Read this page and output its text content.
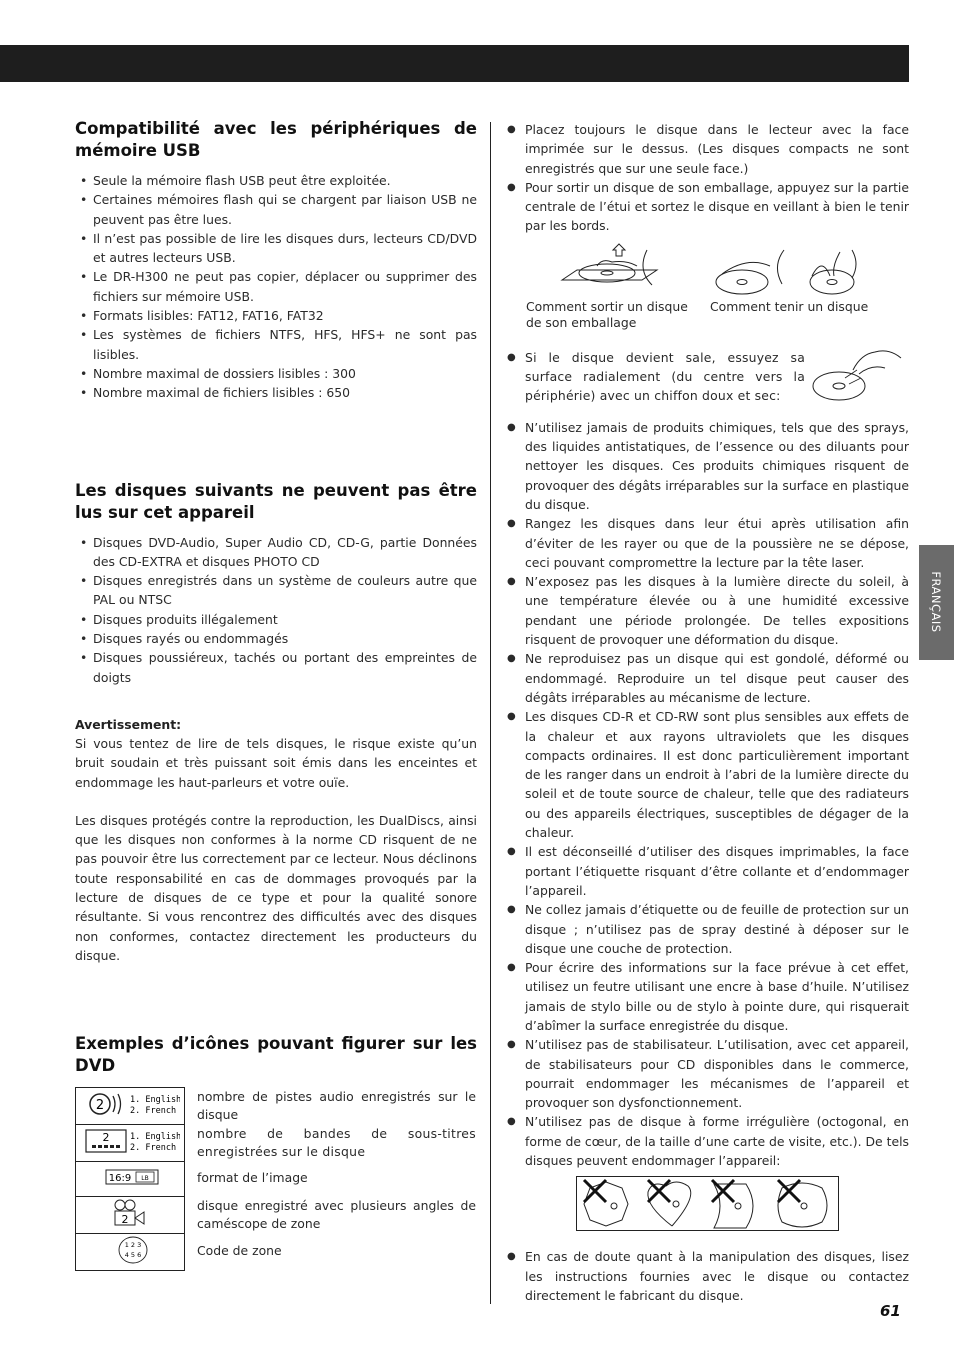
FRANÇAIS
Compatibilité avec les périphériques de mémoire USB
• Seule la mémoire flash USB peut être exploitée.
• Certaines mémoires flash qui se chargent par liaison USB ne peuvent pas être lues.
• Il n’est pas possible de lire les disques durs, lecteurs CD/DVD et autres lecteurs USB.
• Le DR-H300 ne peut pas copier, déplacer ou supprimer des fichiers sur mémoire USB.
• Formats lisibles: FAT12, FAT16, FAT32
• Les systèmes de fichiers NTFS, HFS, HFS+ ne sont pas lisibles.
• Nombre maximal de dossiers lisibles : 300
• Nombre maximal de fichiers lisibles : 650
Les disques suivants ne peuvent pas être lus sur cet appareil
• Disques DVD-Audio, Super Audio CD, CD-G, partie Données des CD-EXTRA et disques PHOTO CD
• Disques enregistrés dans un système de couleurs autre que PAL ou NTSC
• Disques produits illégalement
• Disques rayés ou endommagés
• Disques poussiéreux, tachés ou portant des empreintes de doigts
Avertissement:

Si vous tentez de lire de tels disques, le risque existe qu’un bruit soudain et très puissant soit émis dans les enceintes et endommage les haut-parleurs et votre ouïe.

Les disques protégés contre la reproduction, les DualDiscs, ainsi que les disques non conformes à la norme CD risquent de ne pas pouvoir être lus correctement par ce lecteur. Nous déclinons toute responsabilité en cas de dommages provoqués par la lecture de disques de ce type et pour la qualité sonore résultante. Si vous rencontrez des difficultés avec des disques non conformes, contactez directement les producteurs du disque.

Exemples d’icônes pouvant figurer sur les DVD
2 1. English
2. French	nombre de pistes audio enregistrés sur le disque

2 1. English
2. French	nombre de bandes de sous-titres enregistrées sur le disque

16:9 LB	format de l’image

2	disque enregistré avec plusieurs angles de caméscope de zone

1 2 3
4 5 6	Code de zone
● Placez toujours le disque dans le lecteur avec la face imprimée sur le dessus. (Les disques compacts ne sont enregistrés que sur une seule face.)
● Pour sortir un disque de son emballage, appuyez sur la partie centrale de l’étui et sortez le disque en veillant à bien le tenir par les bords.
Comment sortir un disque de son emballage
Comment tenir un disque
● Si le disque devient sale, essuyez sa surface radialement (du centre vers la périphérie) avec un chiffon doux et sec:
● N’utilisez jamais de produits chimiques, tels que des sprays, des liquides antistatiques, de l’essence ou des diluants pour nettoyer les disques. Ces produits chimiques risquent de provoquer des dégâts irréparables sur la surface en plastique du disque.
● Rangez les disques dans leur étui après utilisation afin d’éviter de les rayer ou que de la poussière ne se dépose, ceci pouvant compromettre la lecture par la tête laser.
● N’exposez pas les disques à la lumière directe du soleil, à une température élevée ou à une humidité excessive pendant une période prolongée. De telles expositions risquent de provoquer une déformation du disque.
● Ne reproduisez pas un disque qui est gondolé, déformé ou endommagé. Reproduire un tel disque peut causer des dégâts irréparables au mécanisme de lecture.
● Les disques CD-R et CD-RW sont plus sensibles aux effets de la chaleur et aux rayons ultraviolets que les disques compacts ordinaires. Il est donc particulièrement important de les ranger dans un endroit à l’abri de la lumière directe du soleil et de toute source de chaleur, telle que des radiateurs ou des appareils électriques, susceptibles de dégager de la chaleur.
● Il est déconseillé d’utiliser des disques imprimables, la face portant l’étiquette risquant d’être collante et d’endommager l’appareil.
● Ne collez jamais d’étiquette ou de feuille de protection sur un disque ; n’utilisez pas de spray destiné à déposer sur le disque une couche de protection.
● Pour écrire des informations sur la face prévue à cet effet, utilisez un feutre utilisant une encre à base d’huile. N’utilisez jamais de stylo bille ou de stylo à pointe dure, qui risquerait d’abîmer la surface enregistrée du disque.
● N’utilisez pas de stabilisateur. L’utilisation, avec cet appareil, de stabilisateurs pour CD disponibles dans le commerce, pourrait endommager les mécanismes de l’appareil et provoquer son dysfonctionnement.
● N’utilisez pas de disque à forme irrégulière (octogonal, en forme de cœur, de la taille d’une carte de visite, etc.). De tels disques peuvent endommager l’appareil:
● En cas de doute quant à la manipulation des disques, lisez les instructions fournies avec le disque ou contactez directement le fabricant du disque.
61
